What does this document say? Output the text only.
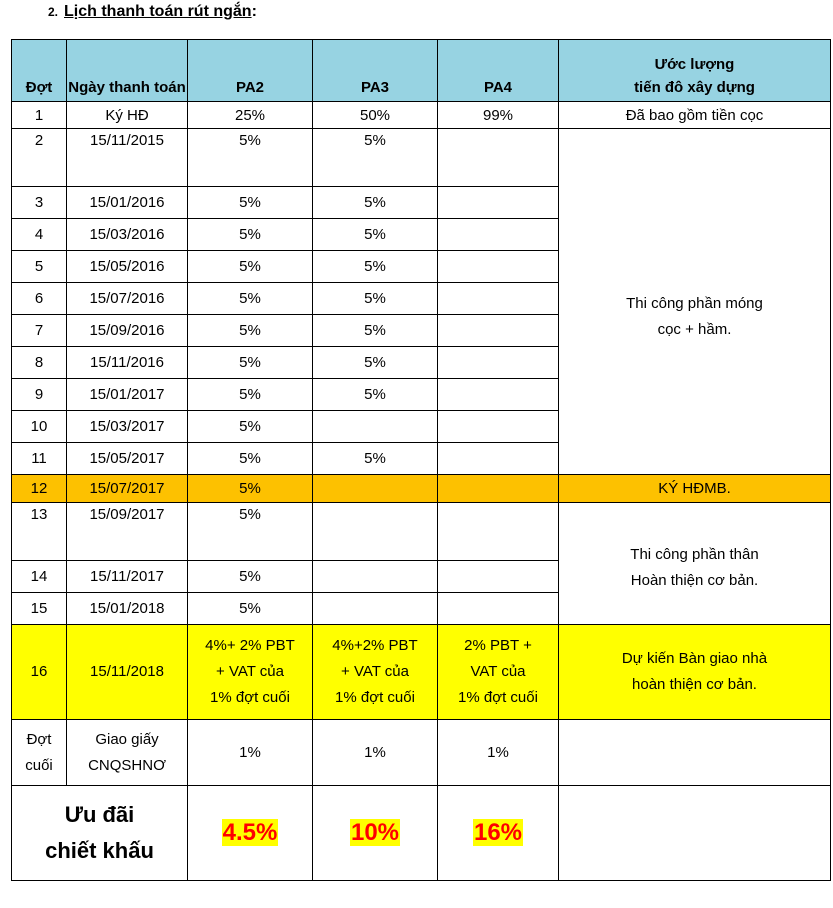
2. Lịch thanh toán rút ngắn:
Đợt	Ngày thanh toán	PA2	PA3	PA4	Ước lượng
tiến đô xây dựng
1	Ký HĐ	25%	50%	99%	Đã bao gồm tiền cọc
2	15/11/2015	5%	5%		Thi công phần móng
cọc + hầm.
3	15/01/2016	5%	5%		
4	15/03/2016	5%	5%		
5	15/05/2016	5%	5%		
6	15/07/2016	5%	5%		
7	15/09/2016	5%	5%		
8	15/11/2016	5%	5%		
9	15/01/2017	5%	5%		
10	15/03/2017	5%			
11	15/05/2017	5%	5%		
12	15/07/2017	5%			KÝ HĐMB.
13	15/09/2017	5%			Thi công phần thân
Hoàn thiện cơ bản.
14	15/11/2017	5%			
15	15/01/2018	5%			
16	15/11/2018	4%+ 2% PBT
+ VAT của
1% đợt cuối	4%+2% PBT
+ VAT của
1% đợt cuối	2% PBT +
VAT của
1% đợt cuối	Dự kiến Bàn giao nhà
hoàn thiện cơ bản.
Đợt
cuối	Giao giấy
CNQSHNƠ	1%	1%	1%	
Ưu đãi
chiết khấu		4.5%	10%	16%	
